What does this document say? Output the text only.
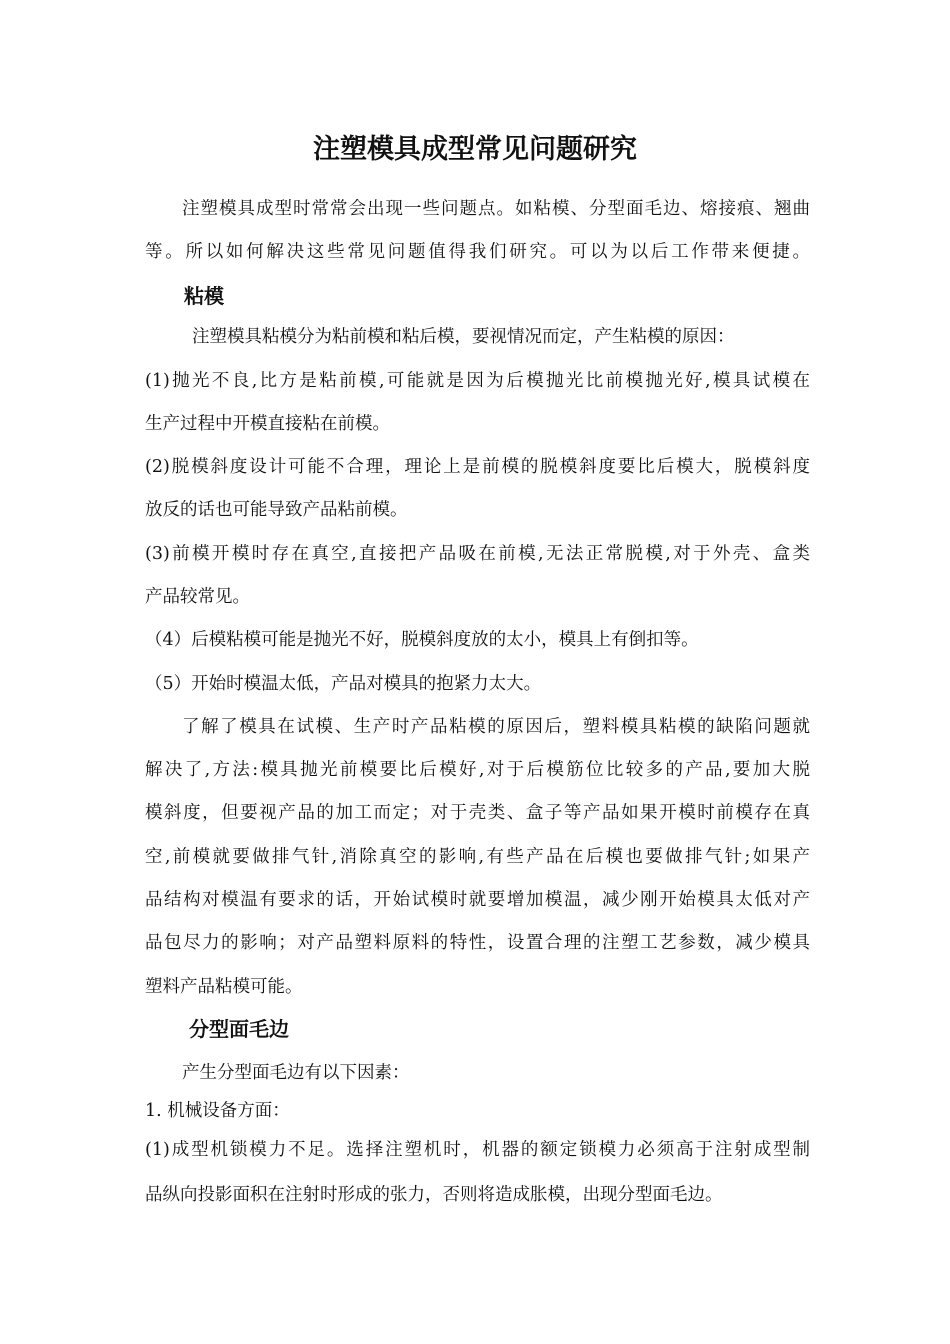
注塑模具成型常见问题研究

注塑模具成型时常常会出现一些问题点。如粘模、分型面毛边、熔接痕、翘曲

等。所以如何解决这些常见问题值得我们研究。可以为以后工作带来便捷。

粘模

注塑模具粘模分为粘前模和粘后模，要视情况而定，产生粘模的原因：

(1)抛光不良,比方是粘前模,可能就是因为后模抛光比前模抛光好,模具试模在

生产过程中开模直接粘在前模。

(2)脱模斜度设计可能不合理，理论上是前模的脱模斜度要比后模大，脱模斜度

放反的话也可能导致产品粘前模。

(3)前模开模时存在真空,直接把产品吸在前模,无法正常脱模,对于外壳、盒类

产品较常见。

（4）后模粘模可能是抛光不好，脱模斜度放的太小，模具上有倒扣等。

（5）开始时模温太低，产品对模具的抱紧力太大。

了解了模具在试模、生产时产品粘模的原因后，塑料模具粘模的缺陷问题就

解决了,方法:模具抛光前模要比后模好,对于后模筋位比较多的产品,要加大脱

模斜度，但要视产品的加工而定；对于壳类、盒子等产品如果开模时前模存在真

空,前模就要做排气针,消除真空的影响,有些产品在后模也要做排气针;如果产

品结构对模温有要求的话，开始试模时就要增加模温，减少刚开始模具太低对产

品包尽力的影响；对产品塑料原料的特性，设置合理的注塑工艺参数，减少模具

塑料产品粘模可能。

分型面毛边

产生分型面毛边有以下因素：

1. 机械设备方面：

(1)成型机锁模力不足。选择注塑机时，机器的额定锁模力必须高于注射成型制

品纵向投影面积在注射时形成的张力，否则将造成胀模，出现分型面毛边。
